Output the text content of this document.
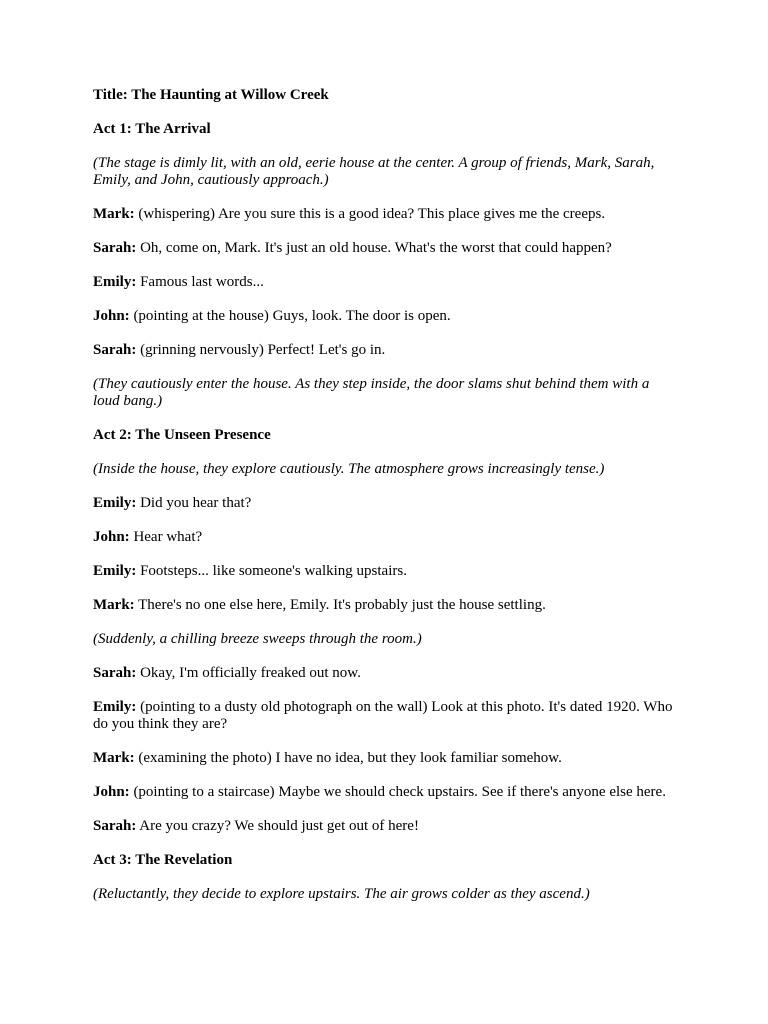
Title: The Haunting at Willow Creek

Act 1: The Arrival

(The stage is dimly lit, with an old, eerie house at the center. A group of friends, Mark, Sarah, Emily, and John, cautiously approach.)

Mark: (whispering) Are you sure this is a good idea? This place gives me the creeps.

Sarah: Oh, come on, Mark. It's just an old house. What's the worst that could happen?

Emily: Famous last words...

John: (pointing at the house) Guys, look. The door is open.

Sarah: (grinning nervously) Perfect! Let's go in.

(They cautiously enter the house. As they step inside, the door slams shut behind them with a loud bang.)

Act 2: The Unseen Presence

(Inside the house, they explore cautiously. The atmosphere grows increasingly tense.)

Emily: Did you hear that?

John: Hear what?

Emily: Footsteps... like someone's walking upstairs.

Mark: There's no one else here, Emily. It's probably just the house settling.

(Suddenly, a chilling breeze sweeps through the room.)

Sarah: Okay, I'm officially freaked out now.

Emily: (pointing to a dusty old photograph on the wall) Look at this photo. It's dated 1920. Who do you think they are?

Mark: (examining the photo) I have no idea, but they look familiar somehow.

John: (pointing to a staircase) Maybe we should check upstairs. See if there's anyone else here.

Sarah: Are you crazy? We should just get out of here!

Act 3: The Revelation

(Reluctantly, they decide to explore upstairs. The air grows colder as they ascend.)
